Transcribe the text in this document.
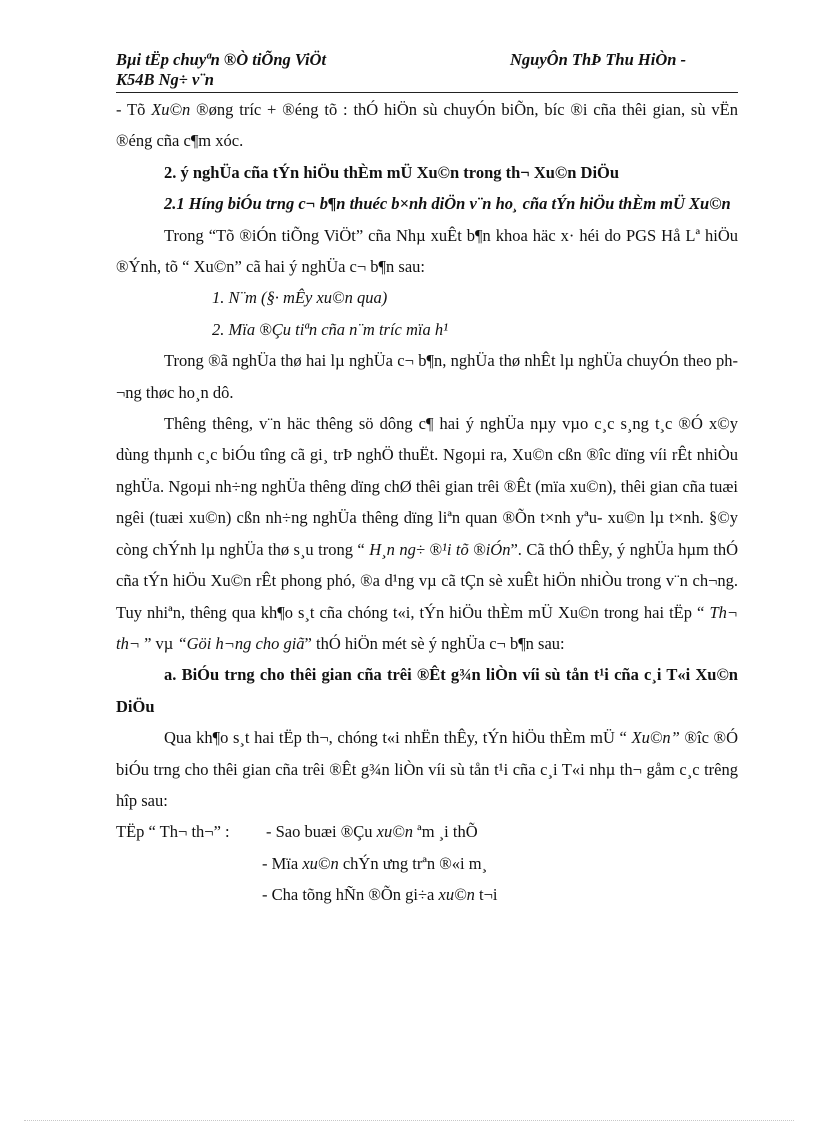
Bµi tËp chuyªn ®Ò tiÕng ViÖt	NguyÔn ThÞ Thu HiÒn -
K54B Ng÷ v¨n

- Tõ Xu©n ®øng tríc + ®éng tõ : thÓ hiÖn sù chuyÓn biÕn, bíc ®i cña thêi gian, sù vËn ®éng cña c¶m xóc.

2. ý nghÜa cña tÝn hiÖu thÈm mÜ Xu©n trong th¬ Xu©n DiÖu

2.1 Híng biÓu trng c¬ b¶n thuéc b×nh diÖn v¨n ho¸ cña tÝn hiÖu thÈm mÜ Xu©n

Trong “Tõ ®iÓn tiÕng ViÖt” cña Nhµ xuÊt b¶n khoa häc x· héi do PGS Hå Lª hiÖu ®Ýnh, tõ “ Xu©n” cã hai ý nghÜa c¬ b¶n sau:

1. N¨m (§· mÊy xu©n qua)

2. Mïa ®Çu tiªn cña n¨m tríc mïa h¹

Trong ®ã nghÜa thø hai lµ nghÜa c¬ b¶n, nghÜa thø nhÊt lµ nghÜa chuyÓn theo ph¬ng thøc ho¸n dô.

Thêng thêng, v¨n häc thêng sö dông c¶ hai ý nghÜa nµy vµo c¸c s¸ng t¸c ®Ó x©y dùng thµnh c¸c biÓu tîng cã gi¸ trÞ nghÖ thuËt. Ngoµi ra, Xu©n cßn ®îc dïng víi rÊt nhiÒu nghÜa. Ngoµi nh÷ng nghÜa thêng dïng chØ thêi gian trêi ®Êt (mïa xu©n), thêi gian cña tuæi ngêi (tuæi xu©n) cßn nh÷ng nghÜa thêng dïng liªn quan ®Õn t×nh yªu- xu©n lµ t×nh. §©y còng chÝnh lµ nghÜa thø s¸u trong “ H¸n ng÷ ®¹i tõ ®iÓn”. Cã thÓ thÊy, ý nghÜa hµm thÓ cña tÝn hiÖu Xu©n rÊt phong phó, ®a d¹ng vµ cã tÇn sè xuÊt hiÖn nhiÒu trong v¨n ch¬ng. Tuy nhiªn, thêng qua kh¶o s¸t cña chóng t«i, tÝn hiÖu thÈm mÜ Xu©n trong hai tËp “ Th¬ th¬ ” vµ “Göi h¬ng cho giã” thÓ hiÖn mét sè ý nghÜa c¬ b¶n sau:

a. BiÓu trng cho thêi gian cña trêi ®Êt g¾n liÒn víi sù tån t¹i cña c¸i T«i Xu©n DiÖu

Qua kh¶o s¸t hai tËp th¬, chóng t«i nhËn thÊy, tÝn hiÖu thÈm mÜ “ Xu©n” ®îc ®Ó biÓu trng cho thêi gian cña trêi ®Êt g¾n liÒn víi sù tån t¹i cña c¸i T«i nhµ th¬ gåm c¸c trêng hîp sau:

TËp “ Th¬ th¬” : - Sao buæi ®Çu xu©n ªm ¸i thÕ

- Mïa xu©n chÝn ưng trªn ®«i m¸

- Cha tõng hÑn ®Õn gi÷a xu©n t¬i
